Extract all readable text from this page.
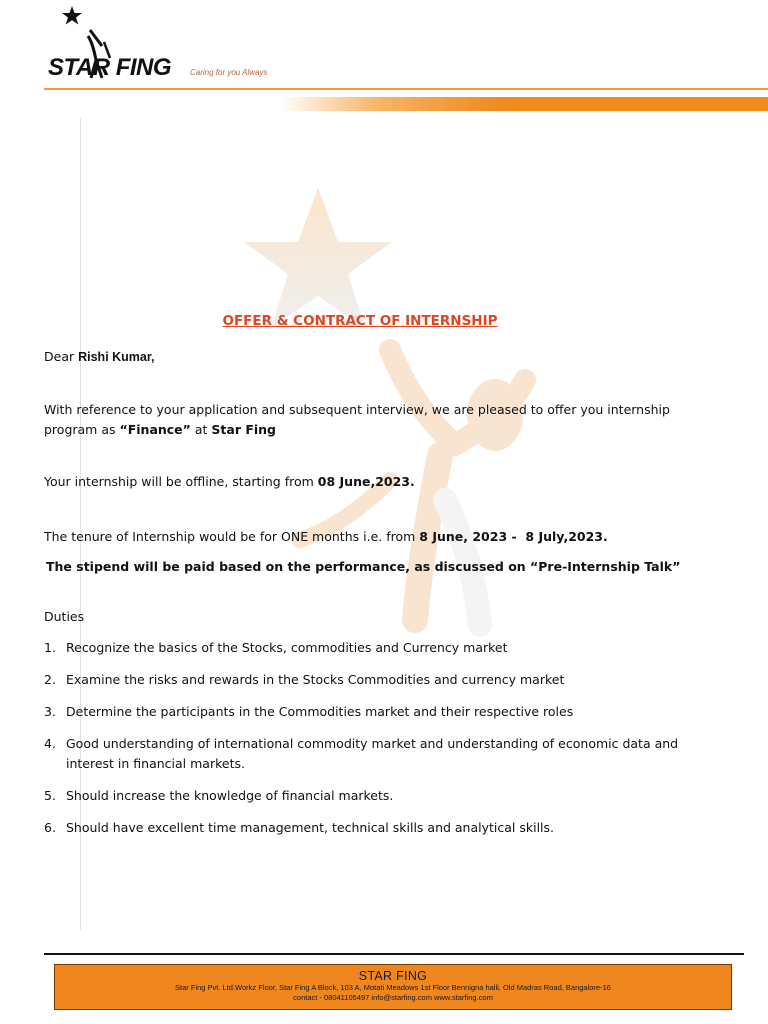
STAR FING Caring for you Always
OFFER & CONTRACT OF INTERNSHIP
Dear Rishi Kumar,
With reference to your application and subsequent interview, we are pleased to offer you internship
program as “Finance” at Star Fing
Your internship will be offline, starting from 08 June,2023.
The tenure of Internship would be for ONE months i.e. from 8 June, 2023 -  8 July,2023.
The stipend will be paid based on the performance, as discussed on “Pre-Internship Talk”
Duties
1. Recognize the basics of the Stocks, commodities and Currency market
2. Examine the risks and rewards in the Stocks Commodities and currency market
3. Determine the participants in the Commodities market and their respective roles
4. Good understanding of international commodity market and understanding of economic data and interest in financial markets.
5. Should increase the knowledge of financial markets.
6. Should have excellent time management, technical skills and analytical skills.
STAR FING
Star Fing Pvt. Ltd.Workz Floor, Star Fing A Block, 103 A, Motati Meadows 1st Floor Bennigna halli, Old Madras Road, Bangalore-16
contact - 08041105497 info@starfing.com www.starfing.com
